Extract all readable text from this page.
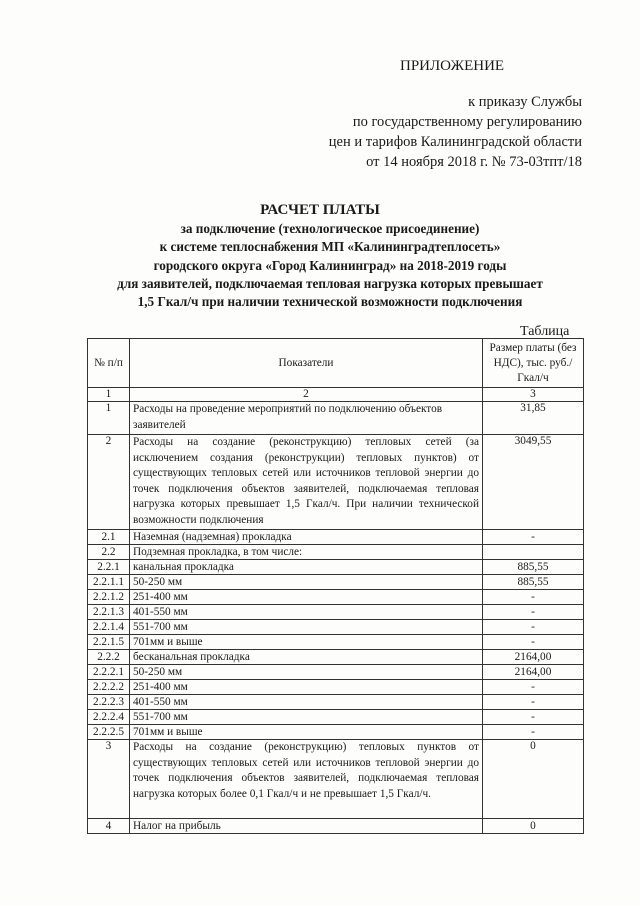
ПРИЛОЖЕНИЕ
к приказу Службы
по государственному регулированию
цен и тарифов Калининградской области
от 14 ноября 2018 г. № 73-03тпт/18
РАСЧЕТ ПЛАТЫ
за подключение (технологическое присоединение)
к системе теплоснабжения МП «Калининградтеплосеть»
городского округа «Город Калининград» на 2018-2019 годы
для заявителей, подключаемая тепловая нагрузка которых превышает
1,5 Гкал/ч при наличии технической возможности подключения
Таблица
№ п/п	Показатели	Размер платы (без НДС), тыс. руб./Гкал/ч
1	2	3
1	Расходы на проведение мероприятий по подключению объектов заявителей	31,85
2	Расходы на создание (реконструкцию) тепловых сетей (за исключением создания (реконструкции) тепловых пунктов) от существующих тепловых сетей или источников тепловой энергии до точек подключения объектов заявителей, подключаемая тепловая нагрузка которых превышает 1,5 Гкал/ч. При наличии технической возможности подключения	3049,55
2.1	Наземная (надземная) прокладка	-
2.2	Подземная прокладка, в том числе:	
2.2.1	канальная прокладка	885,55
2.2.1.1	50-250 мм	885,55
2.2.1.2	251-400 мм	-
2.2.1.3	401-550 мм	-
2.2.1.4	551-700 мм	-
2.2.1.5	701мм и выше	-
2.2.2	бесканальная прокладка	2164,00
2.2.2.1	50-250 мм	2164,00
2.2.2.2	251-400 мм	-
2.2.2.3	401-550 мм	-
2.2.2.4	551-700 мм	-
2.2.2.5	701мм и выше	-
3	Расходы на создание (реконструкцию) тепловых пунктов от существующих тепловых сетей или источников тепловой энергии до точек подключения объектов заявителей, подключаемая тепловая нагрузка которых более 0,1 Гкал/ч и не превышает 1,5 Гкал/ч.	0
4	Налог на прибыль	0
